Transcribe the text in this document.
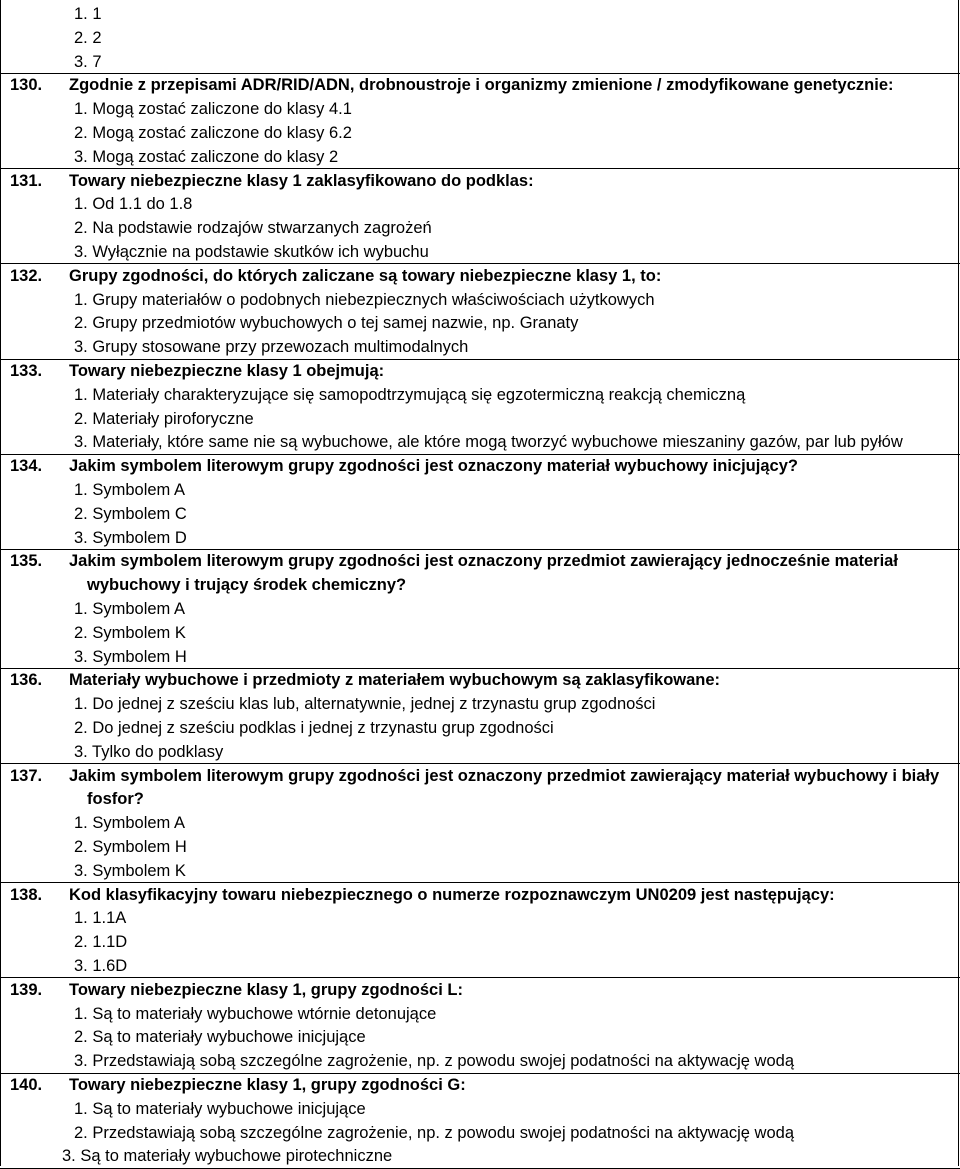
1. 1
2. 2
3. 7
130. Zgodnie z przepisami ADR/RID/ADN, drobnoustroje i organizmy zmienione / zmodyfikowane genetycznie:
1. Mogą zostać zaliczone do klasy 4.1
2. Mogą zostać zaliczone do klasy 6.2
3. Mogą zostać zaliczone do klasy 2
131. Towary niebezpieczne klasy 1 zaklasyfikowano do podklas:
1. Od 1.1 do 1.8
2. Na podstawie rodzajów stwarzanych zagrożeń
3. Wyłącznie na podstawie skutków ich wybuchu
132. Grupy zgodności, do których zaliczane są towary niebezpieczne klasy 1, to:
1. Grupy materiałów o podobnych niebezpiecznych właściwościach użytkowych
2. Grupy przedmiotów wybuchowych o tej samej nazwie, np. Granaty
3. Grupy stosowane przy przewozach multimodalnych
133. Towary niebezpieczne klasy 1 obejmują:
1. Materiały charakteryzujące się samopodtrzymującą się egzotermiczną reakcją chemiczną
2. Materiały piroforyczne
3. Materiały, które same nie są wybuchowe, ale które mogą tworzyć wybuchowe mieszaniny gazów, par lub pyłów
134. Jakim symbolem literowym grupy zgodności jest oznaczony materiał wybuchowy inicjujący?
1. Symbolem A
2. Symbolem C
3. Symbolem D
135. Jakim symbolem literowym grupy zgodności jest oznaczony przedmiot zawierający jednocześnie materiał
wybuchowy i trujący środek chemiczny?
1. Symbolem A
2. Symbolem K
3. Symbolem H
136. Materiały wybuchowe i przedmioty z materiałem wybuchowym są zaklasyfikowane:
1. Do jednej z sześciu klas lub, alternatywnie, jednej z trzynastu grup zgodności
2. Do jednej z sześciu podklas i jednej z trzynastu grup zgodności
3. Tylko do podklasy
137. Jakim symbolem literowym grupy zgodności jest oznaczony przedmiot zawierający materiał wybuchowy i biały
fosfor?
1. Symbolem A
2. Symbolem H
3. Symbolem K
138. Kod klasyfikacyjny towaru niebezpiecznego o numerze rozpoznawczym UN0209 jest następujący:
1. 1.1A
2. 1.1D
3. 1.6D
139. Towary niebezpieczne klasy 1, grupy zgodności L:
1. Są to materiały wybuchowe wtórnie detonujące
2. Są to materiały wybuchowe inicjujące
3. Przedstawiają sobą szczególne zagrożenie, np. z powodu swojej podatności na aktywację wodą
140. Towary niebezpieczne klasy 1, grupy zgodności G:
1. Są to materiały wybuchowe inicjujące
2. Przedstawiają sobą szczególne zagrożenie, np. z powodu swojej podatności na aktywację wodą
3. Są to materiały wybuchowe pirotechniczne
